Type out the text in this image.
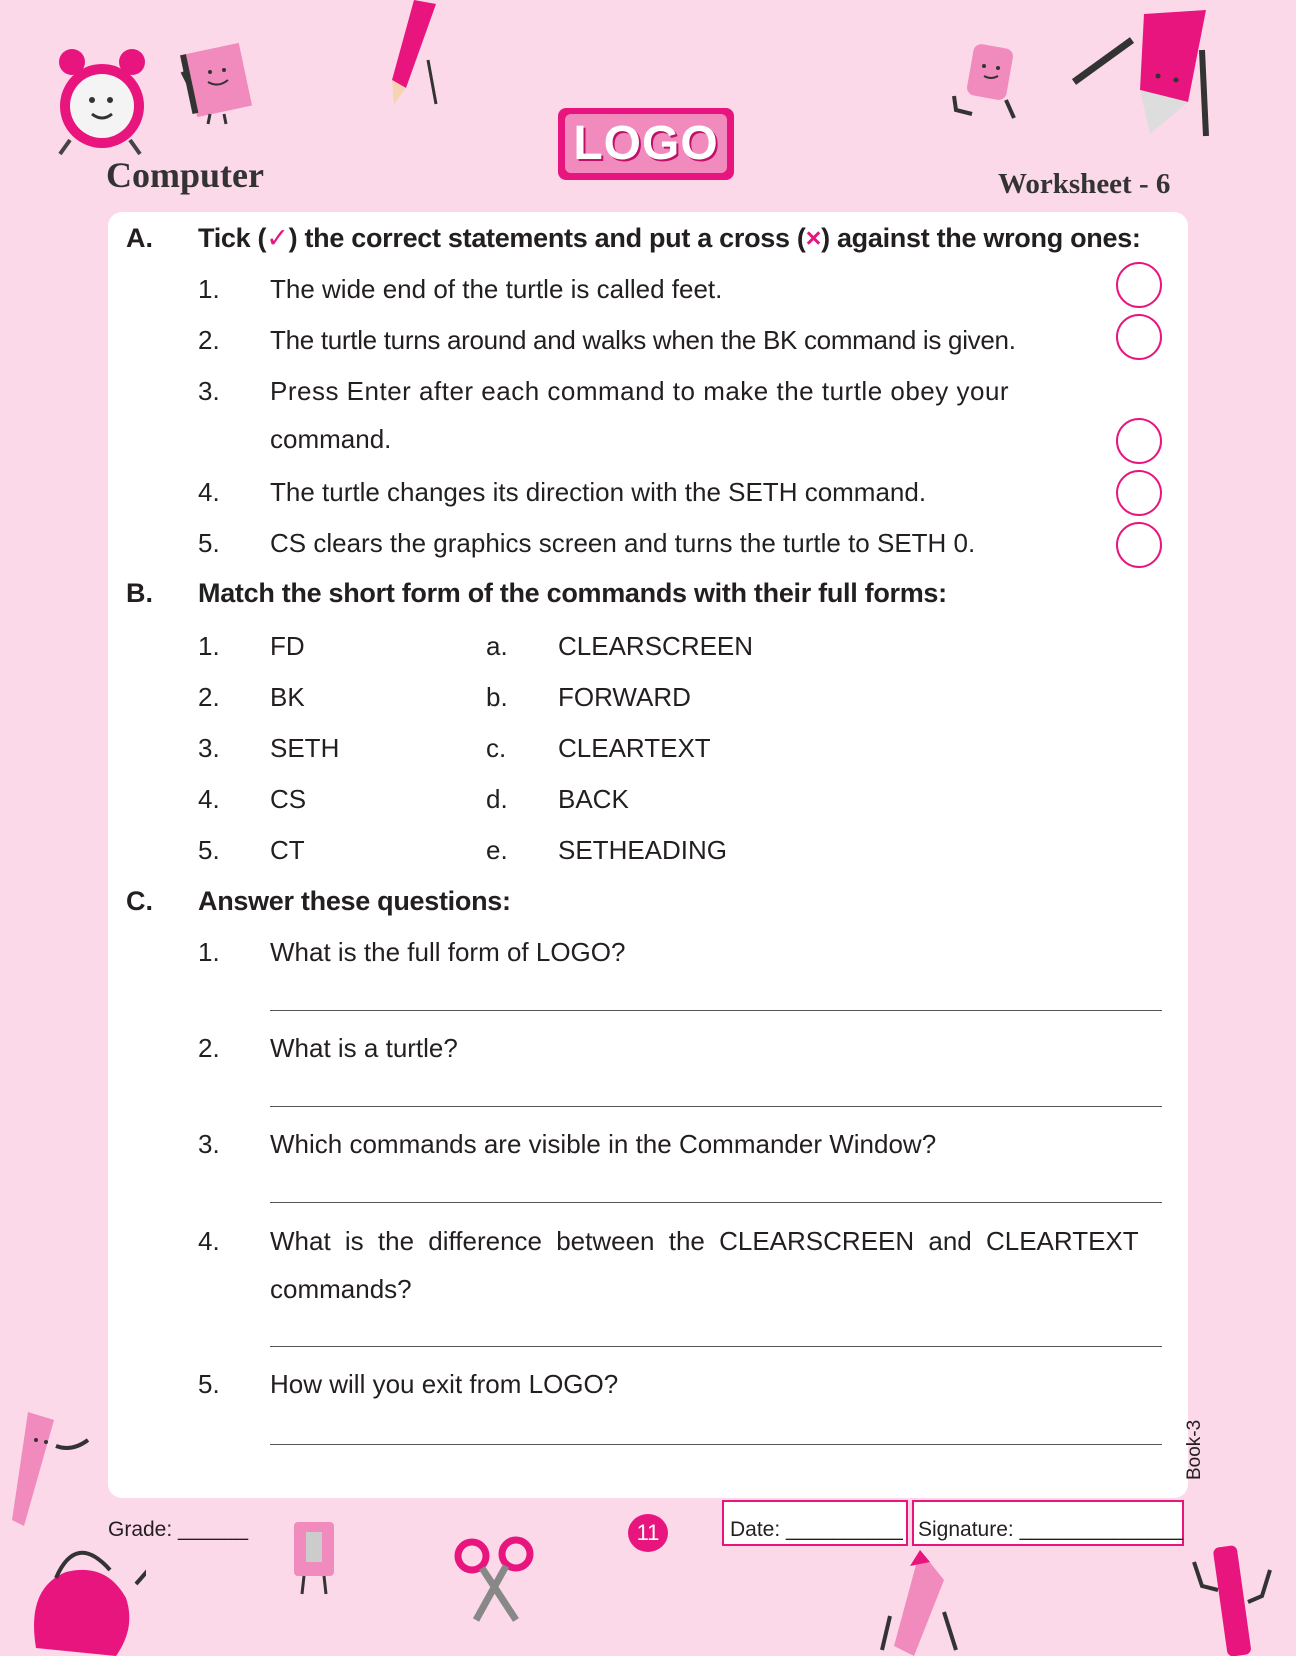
Computer
LOGO
Worksheet - 6
A. Tick (✓) the correct statements and put a cross (×) against the wrong ones:
1. The wide end of the turtle is called feet.
2. The turtle turns around and walks when the BK command is given.
3. Press Enter after each command to make the turtle obey your
command.
4. The turtle changes its direction with the SETH command.
5. CS clears the graphics screen and turns the turtle to SETH 0.
B. Match the short form of the commands with their full forms:
1. FD	a. CLEARSCREEN
2. BK	b. FORWARD
3. SETH	c. CLEARTEXT
4. CS	d. BACK
5. CT	e. SETHEADING
C. Answer these questions:
1. What is the full form of LOGO?
2. What is a turtle?
3. Which commands are visible in the Commander Window?
4. What is the difference between the CLEARSCREEN and CLEARTEXT
commands?
5. How will you exit from LOGO?
Grade: ______	11	Date: __________ Signature: ______________
Book-3
